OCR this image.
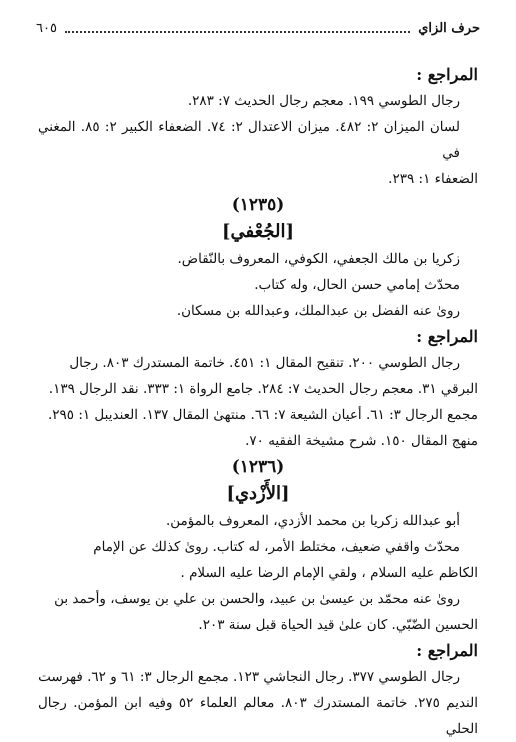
حرف الزاي
٦٠٥
المراجع :
رجال الطوسي ١٩٩. معجم رجال الحديث ٧: ٢٨٣.
لسان الميزان ٢: ٤٨٢. ميزان الاعتدال ٢: ٧٤. الضعفاء الكبير ٢: ٨٥. المغني في
الضعفاء ١: ٢٣٩.
(١٢٣٥)
[الجُعْفي]
زكريا بن مالك الجعفي، الكوفي، المعروف بالنّقاض.
محدّث إمامي حسن الحال، وله كتاب.
روىٰ عنه الفضل بن عبدالملك، وعبدالله بن مسكان.
المراجع :
رجال الطوسي ٢٠٠. تنقيح المقال ١: ٤٥١. خاتمة المستدرك ٨٠٣. رجال
البرقي ٣١. معجم رجال الحديث ٧: ٢٨٤. جامع الرواة ١: ٣٣٣. نقد الرجال ١٣٩.
مجمع الرجال ٣: ٦١. أعيان الشيعة ٧: ٦٦. منتهىٰ المقال ١٣٧. العنديبل ١: ٢٩٥.
منهج المقال ١٥٠. شرح مشيخة الفقيه ٧٠.
(١٢٣٦)
[الأَزْدي]
أبو عبدالله زكريا بن محمد الأزدي، المعروف بالمؤمن.
محدّث واقفي ضعيف، مختلط الأمر، له كتاب. روىٰ كذلك عن الإمام
الكاظم عليه السلام ، ولقي الإمام الرضا عليه السلام .
روىٰ عنه محمّد بن عيسىٰ بن عبيد، والحسن بن علي بن يوسف، وأحمد بن
الحسين الضّبّي. كان علىٰ قيد الحياة قبل سنة ٢٠٣.
المراجع :
رجال الطوسي ٣٧٧. رجال النجاشي ١٢٣. مجمع الرجال ٣: ٦١ و ٦٢. فهرست
النديم ٢٧٥. خاتمة المستدرك ٨٠٣. معالم العلماء ٥٢ وفيه ابن المؤمن. رجال الحلي
